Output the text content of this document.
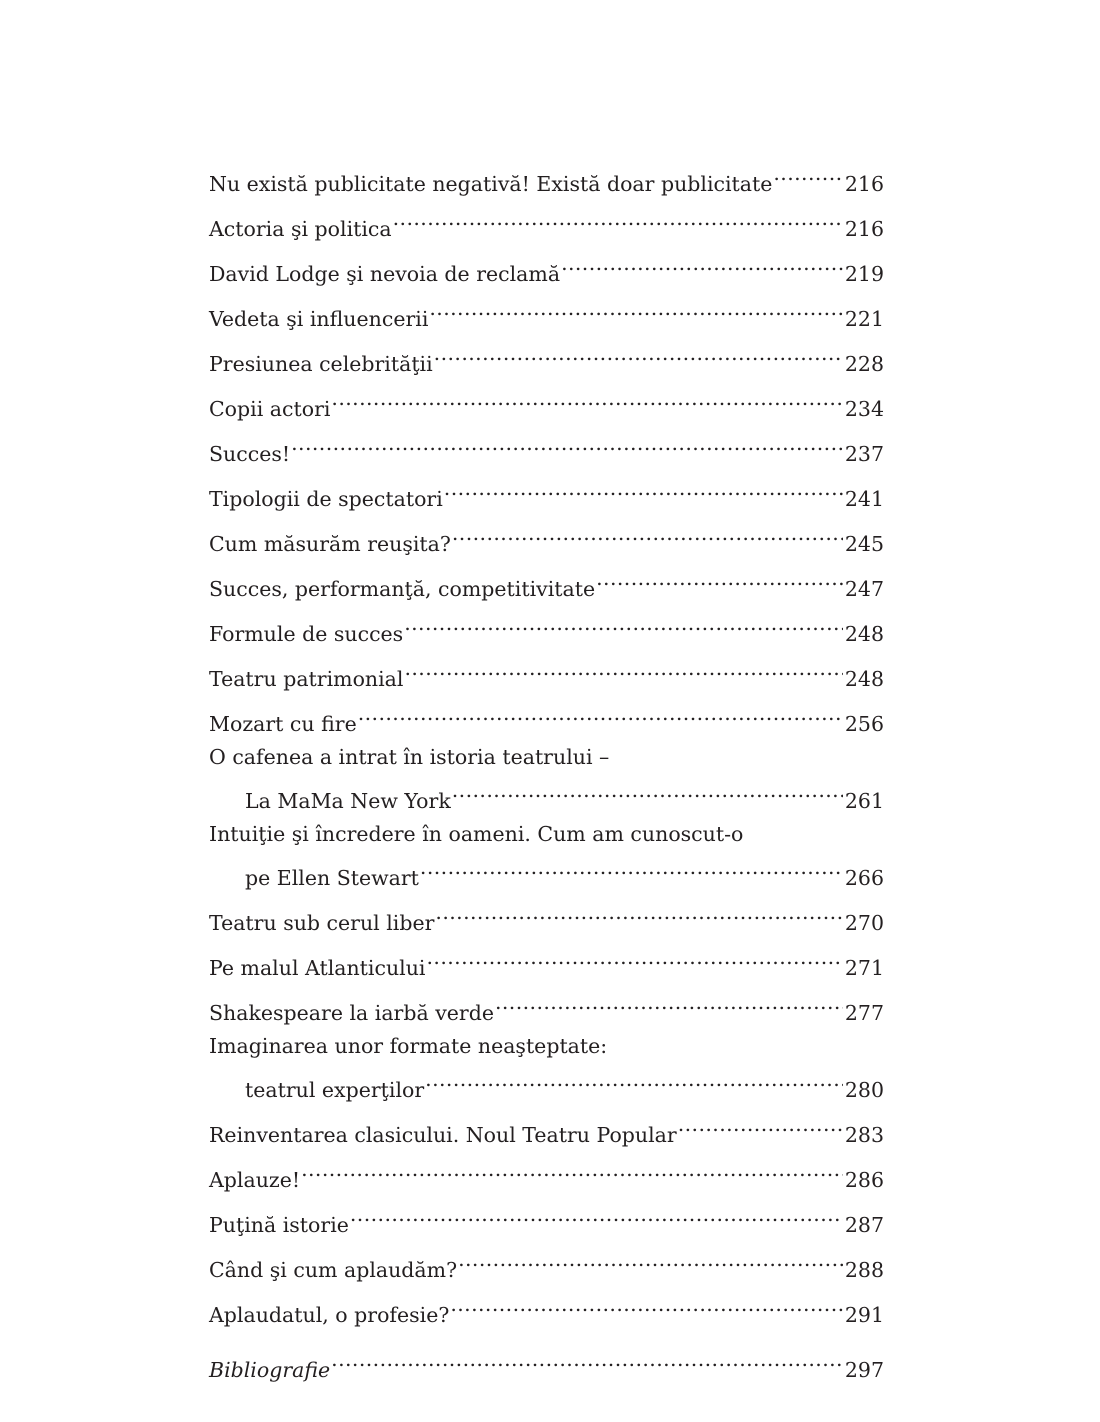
Nu există publicitate negativă! Există doar publicitate .....	216
Actoria şi politica .....	216
David Lodge şi nevoia de reclamă .....	219
Vedeta şi influencerii .....	221
Presiunea celebrităţii .....	228
Copii actori .....	234
Succes! .....	237
Tipologii de spectatori .....	241
Cum măsurăm reuşita? .....	245
Succes, performanţă, competitivitate .....	247
Formule de succes .....	248
Teatru patrimonial .....	248
Mozart cu fire .....	256
O cafenea a intrat în istoria teatrului –
La MaMa New York .....	261
Intuiţie şi încredere în oameni. Cum am cunoscut-o
pe Ellen Stewart .....	266
Teatru sub cerul liber .....	270
Pe malul Atlanticului .....	271
Shakespeare la iarbă verde .....	277
Imaginarea unor formate neaşteptate:
teatrul experţilor .....	280
Reinventarea clasicului. Noul Teatru Popular .....	283
Aplauze! .....	286
Puţină istorie .....	287
Când şi cum aplaudăm? .....	288
Aplaudatul, o profesie? .....	291
Bibliografie .....	297
